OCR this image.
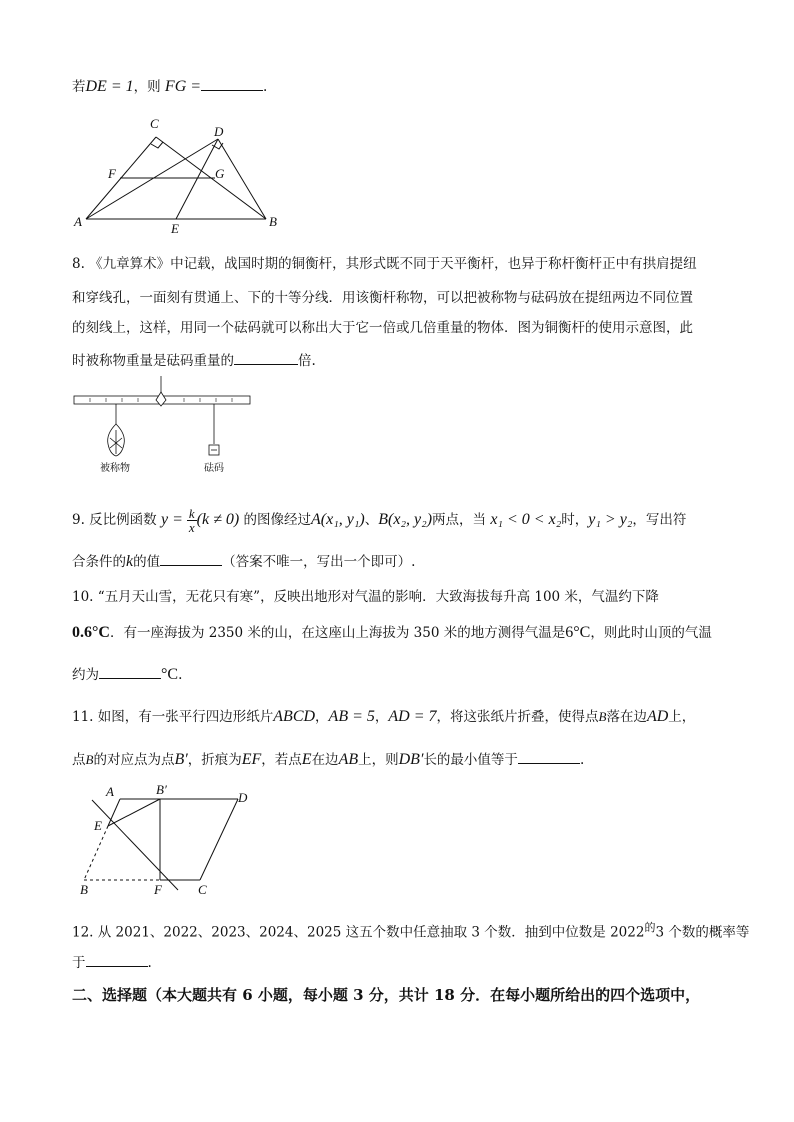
若DE = 1，则 FG =	.
C
D
F	G
A	E	B
8. 《九章算术》中记载，战国时期的铜衡杆，其形式既不同于天平衡杆，也异于称杆衡杆正中有拱肩提纽
和穿线孔，一面刻有贯通上、下的十等分线．用该衡杆称物，可以把被称物与砝码放在提纽两边不同位置
的刻线上，这样，用同一个砝码就可以称出大于它一倍或几倍重量的物体．图为铜衡杆的使用示意图，此
时被称物重量是砝码重量的	倍.
被称物	砝码
9. 反比例函数 $y = \frac{k}{x} (k \ne 0)$ 的图像经过A(x₁, y₁)、B(x₂, y₂)两点，当 x₁ < 0 < x₂时，y₁ > y₂，写出符
合条件的k的值	（答案不唯一，写出一个即可）.
10. “五月天山雪，无花只有寒”，反映出地形对气温的影响．大致海拔每升高 100 米，气温约下降
0.6°C．有一座海拔为 2350 米的山，在这座山上海拔为 350 米的地方测得气温是6°C，则此时山顶的气温
约为	°C.
11. 如图，有一张平行四边形纸片ABCD，AB = 5，AD = 7，将这张纸片折叠，使得点B落在边AD上，
点B的对应点为点B′，折痕为EF，若点E在边AB上，则DB′长的最小值等于	.
A	B′
D
E
B	F	C
12. 从 2021、2022、2023、2024、2025 这五个数中任意抽取 3 个数．抽到中位数是 $2022^的3$ 个数的概率等
于	.
二、选择题（本大题共有 6 小题，每小题 3 分，共计 18 分．在每小题所给出的四个选项中，
